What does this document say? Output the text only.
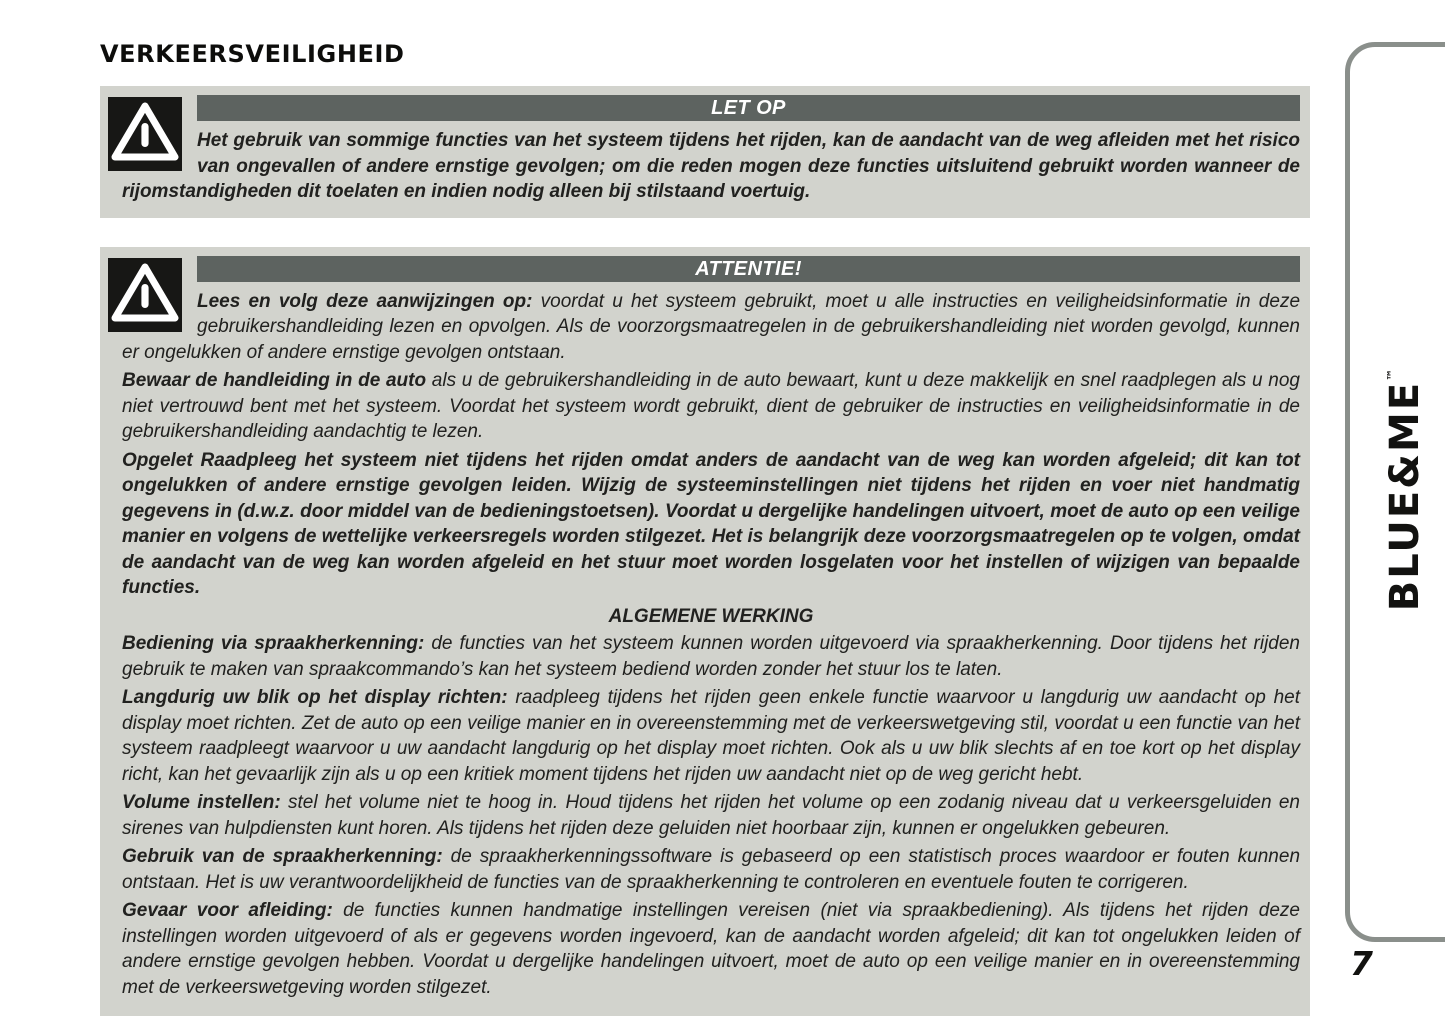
VERKEERSVEILIGHEID
LET OP
Het gebruik van sommige functies van het systeem tijdens het rijden, kan de aandacht van de weg afleiden met het risico van ongevallen of andere ernstige gevolgen; om die reden mogen deze functies uitsluitend gebruikt worden wanneer de rijomstandigheden dit toelaten en indien nodig alleen bij stilstaand voertuig.
ATTENTIE!

Lees en volg deze aanwijzingen op: voordat u het systeem gebruikt, moet u alle instructies en veiligheidsinformatie in deze gebruikershandleiding lezen en opvolgen. Als de voorzorgsmaatregelen in de gebruikershandleiding niet worden gevolgd, kunnen er ongelukken of andere ernstige gevolgen ontstaan.

Bewaar de handleiding in de auto als u de gebruikershandleiding in de auto bewaart, kunt u deze makkelijk en snel raadplegen als u nog niet vertrouwd bent met het systeem. Voordat het systeem wordt gebruikt, dient de gebruiker de instructies en veiligheidsinformatie in de gebruikershandleiding aandachtig te lezen.

Opgelet Raadpleeg het systeem niet tijdens het rijden omdat anders de aandacht van de weg kan worden afgeleid; dit kan tot ongelukken of andere ernstige gevolgen leiden. Wijzig de systeeminstellingen niet tijdens het rijden en voer niet handmatig gegevens in (d.w.z. door middel van de bedieningstoetsen). Voordat u dergelijke handelingen uitvoert, moet de auto op een veilige manier en volgens de wettelijke verkeersregels worden stilgezet. Het is belangrijk deze voorzorgsmaatregelen op te volgen, omdat de aandacht van de weg kan worden afgeleid en het stuur moet worden losgelaten voor het instellen of wijzigen van bepaalde functies.

ALGEMENE WERKING

Bediening via spraakherkenning: de functies van het systeem kunnen worden uitgevoerd via spraakherkenning. Door tijdens het rijden gebruik te maken van spraakcommando’s kan het systeem bediend worden zonder het stuur los te laten.

Langdurig uw blik op het display richten: raadpleeg tijdens het rijden geen enkele functie waarvoor u langdurig uw aandacht op het display moet richten. Zet de auto op een veilige manier en in overeenstemming met de verkeerswetgeving stil, voordat u een functie van het systeem raadpleegt waarvoor u uw aandacht langdurig op het display moet richten. Ook als u uw blik slechts af en toe kort op het display richt, kan het gevaarlijk zijn als u op een kritiek moment tijdens het rijden uw aandacht niet op de weg gericht hebt.

Volume instellen: stel het volume niet te hoog in. Houd tijdens het rijden het volume op een zodanig niveau dat u verkeersgeluiden en sirenes van hulpdiensten kunt horen. Als tijdens het rijden deze geluiden niet hoorbaar zijn, kunnen er ongelukken gebeuren.

Gebruik van de spraakherkenning: de spraakherkenningssoftware is gebaseerd op een statistisch proces waardoor er fouten kunnen ontstaan. Het is uw verantwoordelijkheid de functies van de spraakherkenning te controleren en eventuele fouten te corrigeren.

Gevaar voor afleiding: de functies kunnen handmatige instellingen vereisen (niet via spraakbediening). Als tijdens het rijden deze instellingen worden uitgevoerd of als er gegevens worden ingevoerd, kan de aandacht worden afgeleid; dit kan tot ongelukken leiden of andere ernstige gevolgen hebben. Voordat u dergelijke handelingen uitvoert, moet de auto op een veilige manier en in overeenstemming met de verkeerswetgeving worden stilgezet.

BLUE&ME™
7
